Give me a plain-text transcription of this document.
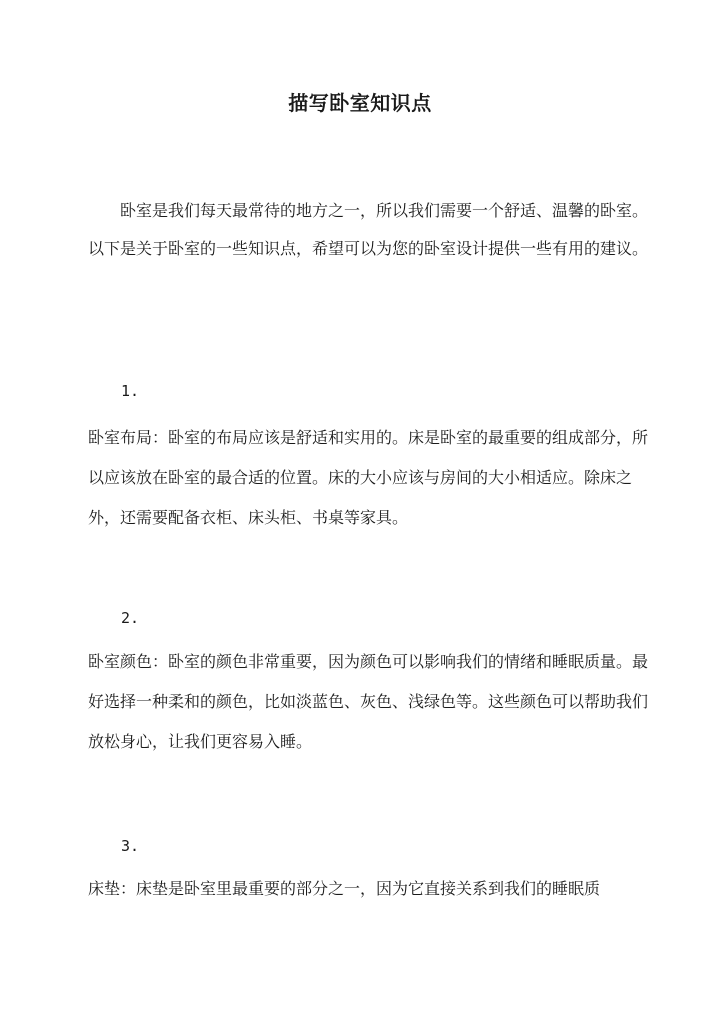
描写卧室知识点
卧室是我们每天最常待的地方之一，所以我们需要一个舒适、温馨的卧室。以下是关于卧室的一些知识点，希望可以为您的卧室设计提供一些有用的建议。
1.
卧室布局：卧室的布局应该是舒适和实用的。床是卧室的最重要的组成部分，所以应该放在卧室的最合适的位置。床的大小应该与房间的大小相适应。除床之外，还需要配备衣柜、床头柜、书桌等家具。
2.
卧室颜色：卧室的颜色非常重要，因为颜色可以影响我们的情绪和睡眠质量。最好选择一种柔和的颜色，比如淡蓝色、灰色、浅绿色等。这些颜色可以帮助我们放松身心，让我们更容易入睡。
3.
床垫：床垫是卧室里最重要的部分之一，因为它直接关系到我们的睡眠质
